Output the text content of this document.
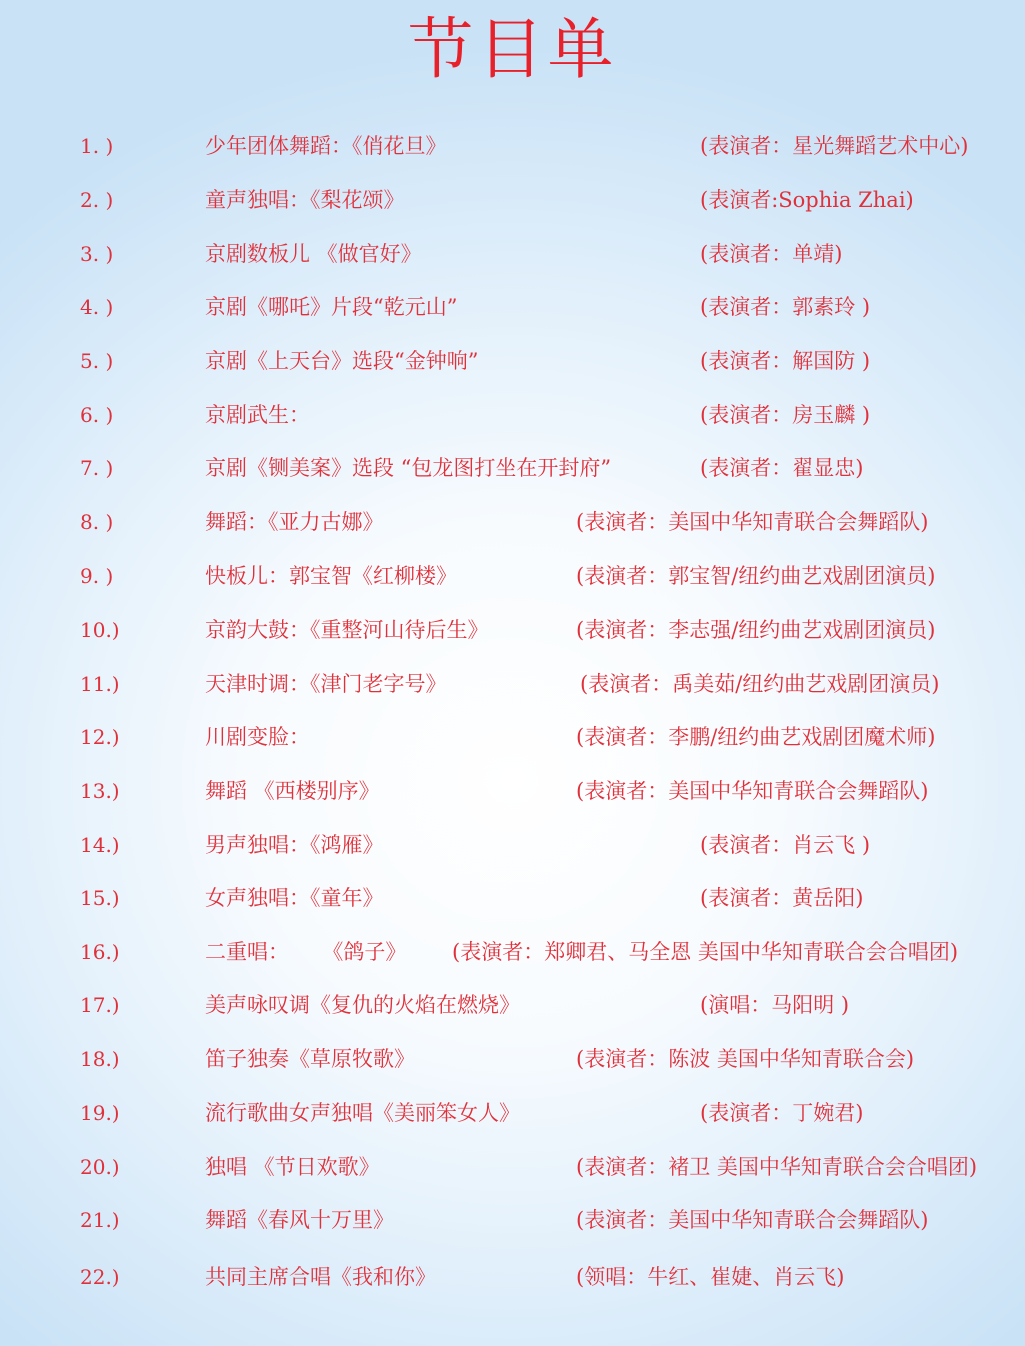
节目单
1. )	少年团体舞蹈：《俏花旦》	(表演者：星光舞蹈艺术中心)
2. )	童声独唱：《梨花颂》	(表演者:Sophia Zhai)
3. )	京剧数板儿 《做官好》	(表演者：单靖)
4. )	京剧《哪吒》片段“乾元山”	(表演者：郭素玲 )
5. )	京剧《上天台》选段“金钟响”	(表演者：解国防 )
6. )	京剧武生：	(表演者：房玉麟 )
7. )	京剧《铡美案》选段 “包龙图打坐在开封府”	(表演者：翟显忠)
8. )	舞蹈：《亚力古娜》	(表演者：美国中华知青联合会舞蹈队)
9. )	快板儿：郭宝智《红柳楼》	(表演者：郭宝智/纽约曲艺戏剧团演员)
10.)	京韵大鼓：《重整河山待后生》	(表演者：李志强/纽约曲艺戏剧团演员)
11.)	天津时调：《津门老字号》	(表演者：禹美茹/纽约曲艺戏剧团演员)
12.)	川剧变脸：	(表演者：李鹏/纽约曲艺戏剧团魔术师)
13.)	舞蹈 《西楼别序》	(表演者：美国中华知青联合会舞蹈队)
14.)	男声独唱：《鸿雁》	(表演者：肖云飞 )
15.)	女声独唱：《童年》	(表演者：黄岳阳)
16.)	二重唱：     《鸽子》 (表演者：郑卿君、马全恩 美国中华知青联合会合唱团)
17.)	美声咏叹调《复仇的火焰在燃烧》	(演唱：马阳明 )
18.)	笛子独奏《草原牧歌》	(表演者：陈波 美国中华知青联合会)
19.)	流行歌曲女声独唱《美丽笨女人》	(表演者：丁婉君)
20.)	独唱 《节日欢歌》	(表演者：褚卫 美国中华知青联合会合唱团)
21.)	舞蹈《春风十万里》	(表演者：美国中华知青联合会舞蹈队)
22.)	共同主席合唱《我和你》	(领唱：牛红、崔婕、肖云飞)
